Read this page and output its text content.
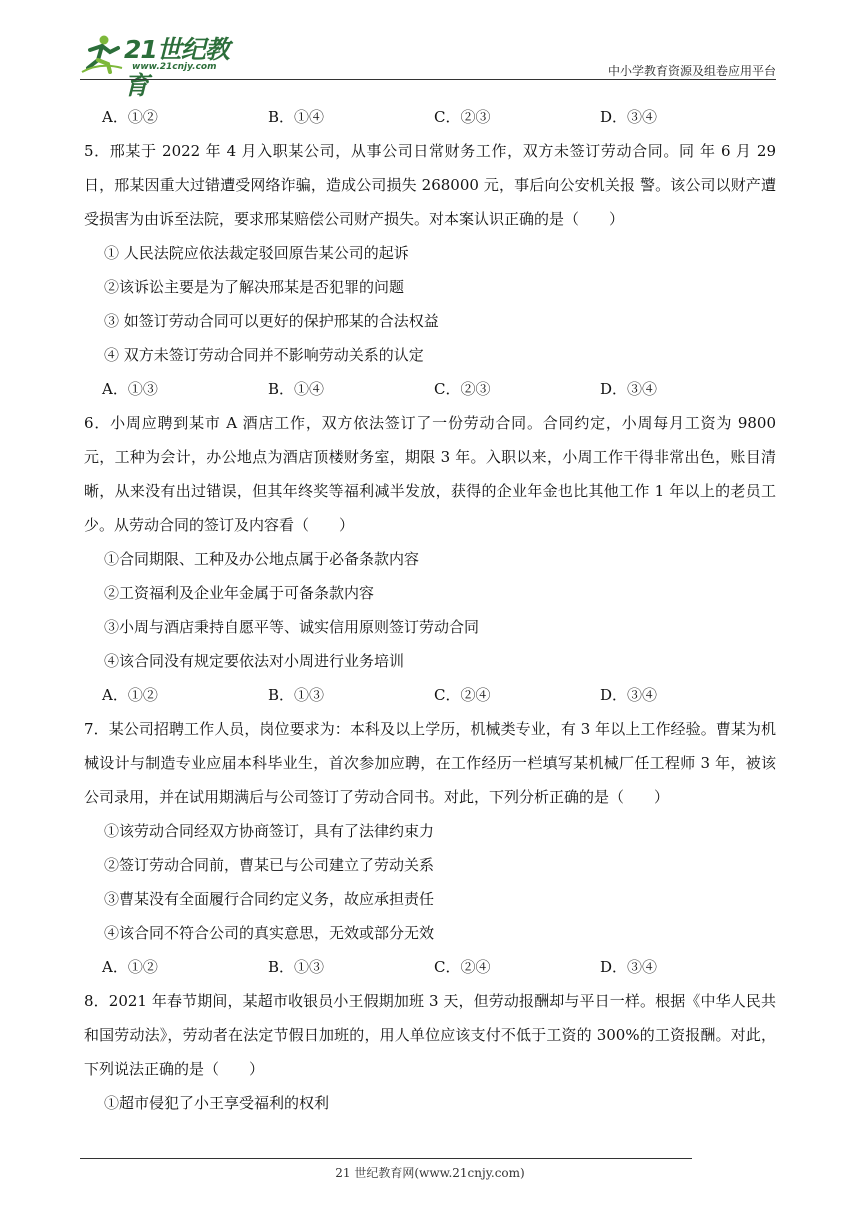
21世纪教育
www.21cnjy.com	中小学教育资源及组卷应用平台
A．①②	B．①④	C．②③	D．③④
5．邢某于 2022 年 4 月入职某公司，从事公司日常财务工作，双方未签订劳动合同。同 年 6 月 29 日，邢某因重大过错遭受网络诈骗，造成公司损失 268000 元，事后向公安机关报 警。该公司以财产遭受损害为由诉至法院，要求邢某赔偿公司财产损失。对本案认识正确的是（　　）
① 人民法院应依法裁定驳回原告某公司的起诉
②该诉讼主要是为了解决邢某是否犯罪的问题
③ 如签订劳动合同可以更好的保护邢某的合法权益
④ 双方未签订劳动合同并不影响劳动关系的认定
A．①③	B．①④	C．②③	D．③④
6．小周应聘到某市 A 酒店工作，双方依法签订了一份劳动合同。合同约定，小周每月工资为 9800 元，工种为会计，办公地点为酒店顶楼财务室，期限 3 年。入职以来，小周工作干得非常出色，账目清晰，从来没有出过错误，但其年终奖等福利减半发放，获得的企业年金也比其他工作 1 年以上的老员工少。从劳动合同的签订及内容看（　　）
①合同期限、工种及办公地点属于必备条款内容
②工资福利及企业年金属于可备条款内容
③小周与酒店秉持自愿平等、诚实信用原则签订劳动合同
④该合同没有规定要依法对小周进行业务培训
A．①②	B．①③	C．②④	D．③④
7．某公司招聘工作人员，岗位要求为：本科及以上学历，机械类专业，有 3 年以上工作经验。曹某为机械设计与制造专业应届本科毕业生，首次参加应聘，在工作经历一栏填写某机械厂任工程师 3 年，被该公司录用，并在试用期满后与公司签订了劳动合同书。对此，下列分析正确的是（　　）
①该劳动合同经双方协商签订，具有了法律约束力
②签订劳动合同前，曹某已与公司建立了劳动关系
③曹某没有全面履行合同约定义务，故应承担责任
④该合同不符合公司的真实意思，无效或部分无效
A．①②	B．①③	C．②④	D．③④
8．2021 年春节期间，某超市收银员小王假期加班 3 天，但劳动报酬却与平日一样。根据《中华人民共和国劳动法》，劳动者在法定节假日加班的，用人单位应该支付不低于工资的 300%的工资报酬。对此，下列说法正确的是（　　）
①超市侵犯了小王享受福利的权利
21 世纪教育网(www.21cnjy.com)
